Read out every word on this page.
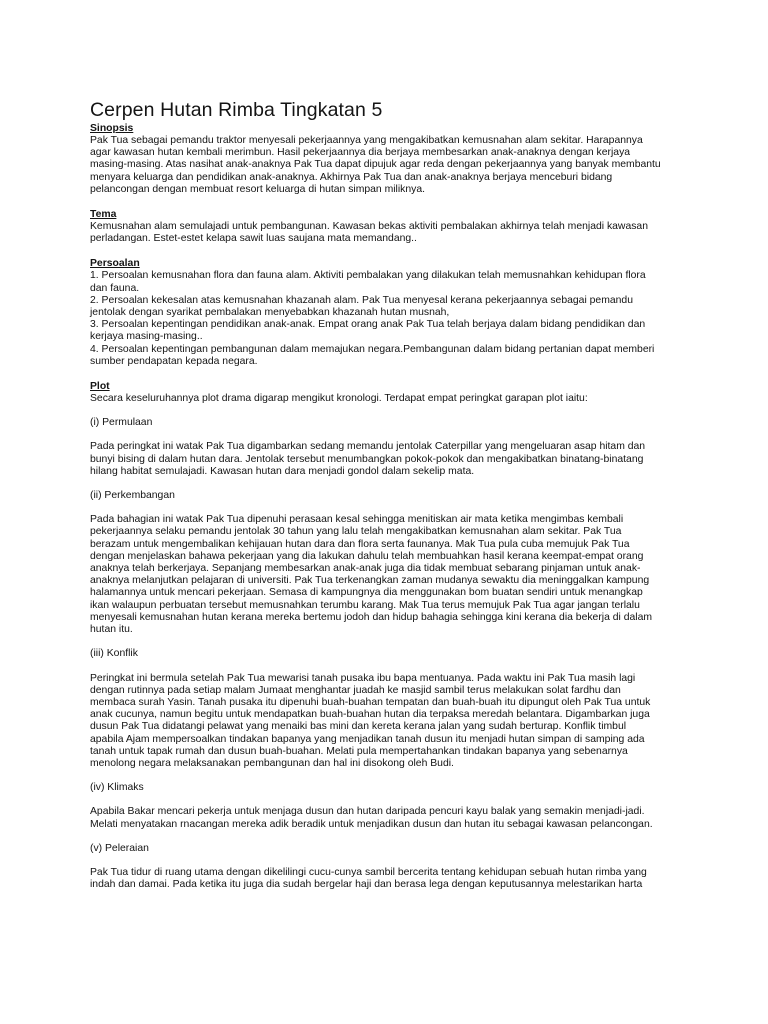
Cerpen Hutan Rimba Tingkatan 5

Sinopsis

Pak Tua sebagai pemandu traktor menyesali pekerjaannya yang mengakibatkan kemusnahan alam sekitar. Harapannya

agar kawasan hutan kembali merimbun. Hasil pekerjaannya dia berjaya membesarkan anak-anaknya dengan kerjaya

masing-masing. Atas nasihat anak-anaknya Pak Tua dapat dipujuk agar reda dengan pekerjaannya yang banyak membantu

menyara keluarga dan pendidikan anak-anaknya. Akhirnya Pak Tua dan anak-anaknya berjaya menceburi bidang

pelancongan dengan membuat resort keluarga di hutan simpan miliknya.

Tema

Kemusnahan alam semulajadi untuk pembangunan. Kawasan bekas aktiviti pembalakan akhirnya telah menjadi kawasan

perladangan. Estet-estet kelapa sawit luas saujana mata memandang..

Persoalan

1. Persoalan kemusnahan flora dan fauna alam. Aktiviti pembalakan yang dilakukan telah memusnahkan kehidupan flora

dan fauna.

2. Persoalan kekesalan atas kemusnahan khazanah alam. Pak Tua menyesal kerana pekerjaannya sebagai pemandu

jentolak dengan syarikat pembalakan menyebabkan khazanah hutan musnah,

3. Persoalan kepentingan pendidikan anak-anak. Empat orang anak Pak Tua telah berjaya dalam bidang pendidikan dan

kerjaya masing-masing..

4. Persoalan kepentingan pembangunan dalam memajukan negara.Pembangunan dalam bidang pertanian dapat memberi

sumber pendapatan kepada negara.

Plot

Secara keseluruhannya plot drama digarap mengikut kronologi. Terdapat empat peringkat garapan plot iaitu:

(i) Permulaan

Pada peringkat ini watak Pak Tua digambarkan sedang memandu jentolak Caterpillar yang mengeluaran asap hitam dan

bunyi bising di dalam hutan dara. Jentolak tersebut menumbangkan pokok-pokok dan mengakibatkan binatang-binatang

hilang habitat semulajadi. Kawasan hutan dara menjadi gondol dalam sekelip mata.

(ii) Perkembangan

Pada bahagian ini watak Pak Tua dipenuhi perasaan kesal sehingga menitiskan air mata ketika mengimbas kembali

pekerjaannya selaku pemandu jentolak 30 tahun yang lalu telah mengakibatkan kemusnahan alam sekitar. Pak Tua

berazam untuk mengembalikan kehijauan hutan dara dan flora serta faunanya. Mak Tua pula cuba memujuk Pak Tua

dengan menjelaskan bahawa pekerjaan yang dia lakukan dahulu telah membuahkan hasil kerana keempat-empat orang

anaknya telah berkerjaya. Sepanjang membesarkan anak-anak juga dia tidak membuat sebarang pinjaman untuk anak-

anaknya melanjutkan pelajaran di universiti. Pak Tua terkenangkan zaman mudanya sewaktu dia meninggalkan kampung

halamannya untuk mencari pekerjaan. Semasa di kampungnya dia menggunakan bom buatan sendiri untuk menangkap

ikan walaupun perbuatan tersebut memusnahkan terumbu karang. Mak Tua terus memujuk Pak Tua agar jangan terlalu

menyesali kemusnahan hutan kerana mereka bertemu jodoh dan hidup bahagia sehingga kini kerana dia bekerja di dalam

hutan itu.

(iii) Konflik

Peringkat ini bermula setelah Pak Tua mewarisi tanah pusaka ibu bapa mentuanya. Pada waktu ini Pak Tua masih lagi

dengan rutinnya pada setiap malam Jumaat menghantar juadah ke masjid sambil terus melakukan solat fardhu dan

membaca surah Yasin. Tanah pusaka itu dipenuhi buah-buahan tempatan dan buah-buah itu dipungut oleh Pak Tua untuk

anak cucunya, namun begitu untuk mendapatkan buah-buahan hutan dia terpaksa meredah belantara. Digambarkan juga

dusun Pak Tua didatangi pelawat yang menaiki bas mini dan kereta kerana jalan yang sudah berturap. Konflik timbul

apabila Ajam mempersoalkan tindakan bapanya yang menjadikan tanah dusun itu menjadi hutan simpan di samping ada

tanah untuk tapak rumah dan dusun buah-buahan. Melati pula mempertahankan tindakan bapanya yang sebenarnya

menolong negara melaksanakan pembangunan dan hal ini disokong oleh Budi.

(iv) Klimaks

Apabila Bakar mencari pekerja untuk menjaga dusun dan hutan daripada pencuri kayu balak yang semakin menjadi-jadi.

Melati menyatakan rnacangan mereka adik beradik untuk menjadikan dusun dan hutan itu sebagai kawasan pelancongan.

(v) Peleraian

Pak Tua tidur di ruang utama dengan dikelilingi cucu-cunya sambil bercerita tentang kehidupan sebuah hutan rimba yang

indah dan damai. Pada ketika itu juga dia sudah bergelar haji dan berasa lega dengan keputusannya melestarikan harta
